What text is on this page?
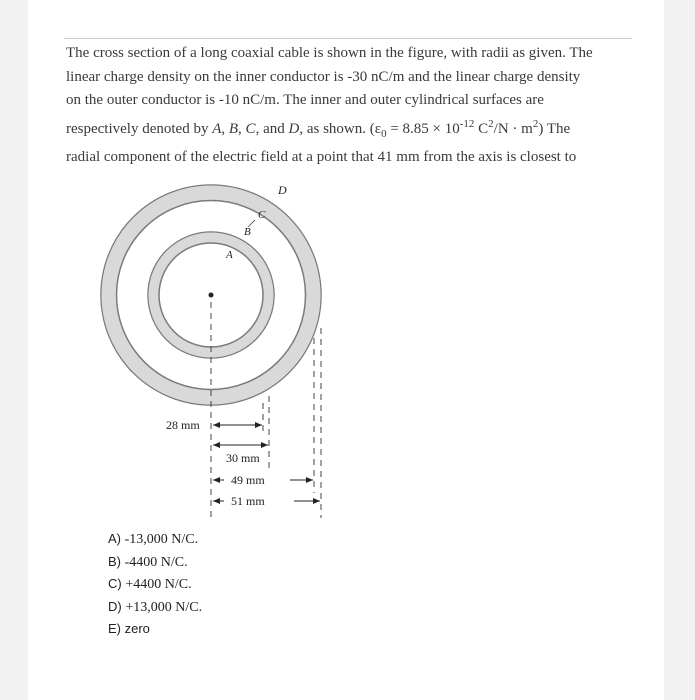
The cross section of a long coaxial cable is shown in the figure, with radii as given. The
linear charge density on the inner conductor is -30 nC/m and the linear charge density
on the outer conductor is -10 nC/m. The inner and outer cylindrical surfaces are
respectively denoted by A, B, C, and D, as shown. ($\varepsilon_0 = 8.85 \times 10^{-12}$ $C^2/N \cdot m^2$) The
radial component of the electric field at a point that 41 mm from the axis is closest to
D
C
B
A
28 mm
30 mm
49 mm
51 mm
A) -13,000 N/C.
B) -4400 N/C.
C) +4400 N/C.
D) +13,000 N/C.
E) zero
